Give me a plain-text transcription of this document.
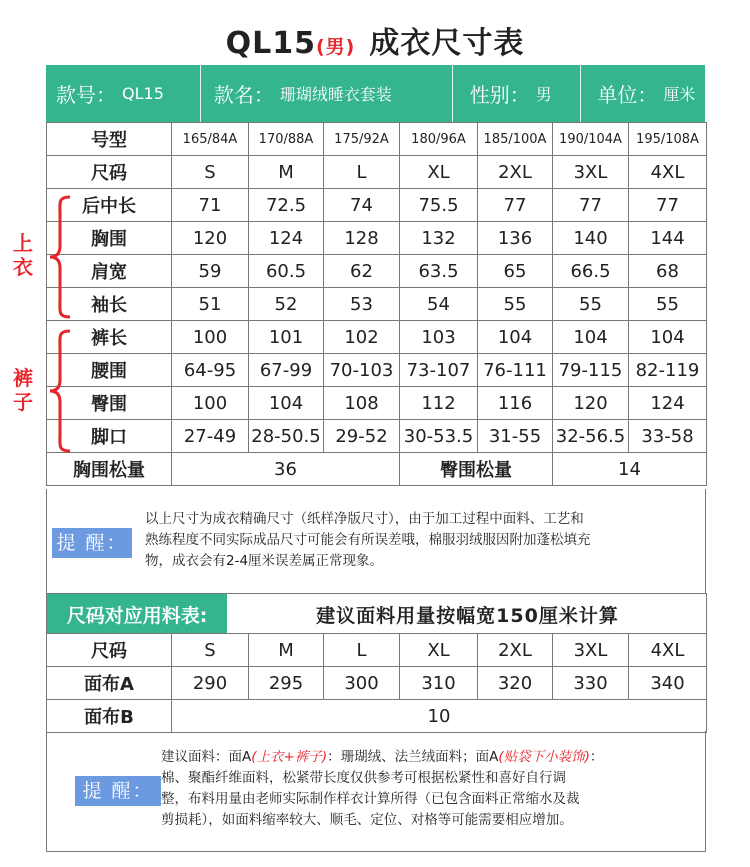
QL15(男) 成衣尺寸表
款号： QL15	款名： 珊瑚绒睡衣套装	性别： 男 单位： 厘米
号型	165/84A	170/88A	175/92A	180/96A	185/100A	190/104A	195/108A
尺码	S	M	L	XL	2XL	3XL	4XL
后中长	71	72.5	74	75.5	77	77	77
胸围	120	124	128	132	136	140	144
肩宽	59	60.5	62	63.5	65	66.5	68
袖长	51	52	53	54	55	55	55
裤长	100	101	102	103	104	104	104
腰围	64-95	67-99	70-103	73-107	76-111	79-115	82-119
臀围	100	104	108	112	116	120	124
脚口	27-49	28-50.5	29-52	30-53.5	31-55	32-56.5	33-58
胸围松量	36			臀围松量		14	
上衣
裤子
提 醒：
以上尺寸为成衣精确尺寸（纸样净版尺寸），由于加工过程中面料、工艺和
熟练程度不同实际成品尺寸可能会有所误差哦，棉服羽绒服因附加蓬松填充
物，成衣会有2-4厘米误差属正常现象。
尺码对应用料表:	建议面料用量按幅宽150厘米计算
尺码	S	M	L	XL	2XL	3XL	4XL
面布A	290	295	300	310	320	330	340
面布B	10						
提 醒：
建议面料：面A(上衣+裤子)：珊瑚绒、法兰绒面料；面A(贴袋下小装饰)：
棉、聚酯纤维面料，松紧带长度仅供参考可根据松紧性和喜好自行调
整，布料用量由老师实际制作样衣计算所得（已包含面料正常缩水及裁
剪损耗），如面料缩率较大、顺毛、定位、对格等可能需要相应增加。
